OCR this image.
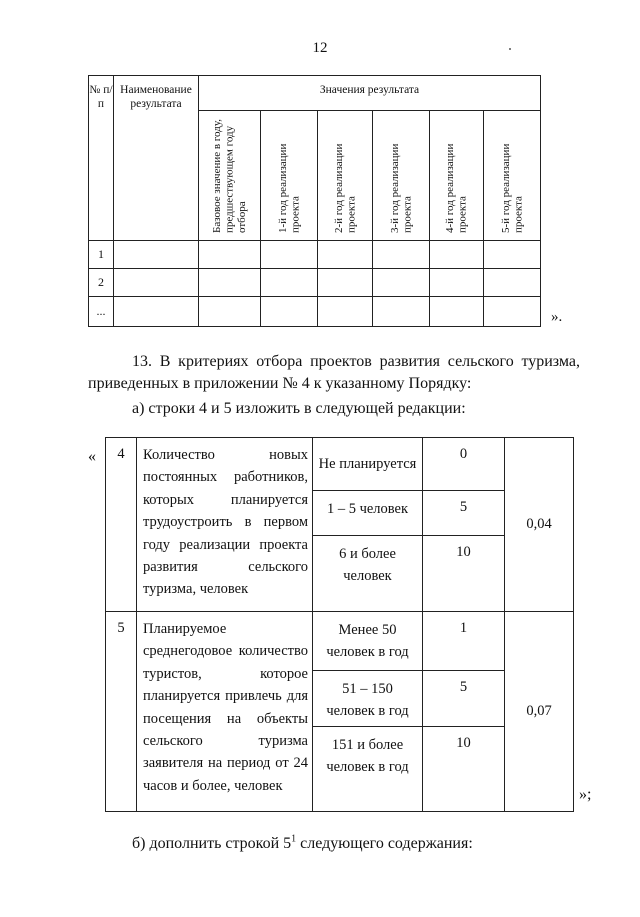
12
№ п/п	Наименование результата	Значения результата					

		Базовое значение в году, предшествующем году отбора	1-й год реализации проекта	2-й год реализации проекта	3-й год реализации проекта	4-й год реализации проекта	5-й год реализации проекта
1							
2							
...								».
13. В критериях отбора проектов развития сельского туризма, приведенных в приложении № 4 к указанному Порядку:
а) строки 4 и 5 изложить в следующей редакции:
« 4	Количество новых постоянных работников, которых планируется трудоустроить в первом году реализации проекта развития сельского туризма, человек	Не планируется	0	0,04
		1 – 5 человек	5	
		6 и более человек	10	
5	Планируемое среднегодовое количество туристов, которое планируется привлечь для посещения на объекты сельского туризма заявителя на период от 24 часов и более, человек	Менее 50 человек в год	1	0,07
		51 – 150 человек в год	5	
		151 и более человек в год	10	
»;
б) дополнить строкой $5^1$ следующего содержания:
